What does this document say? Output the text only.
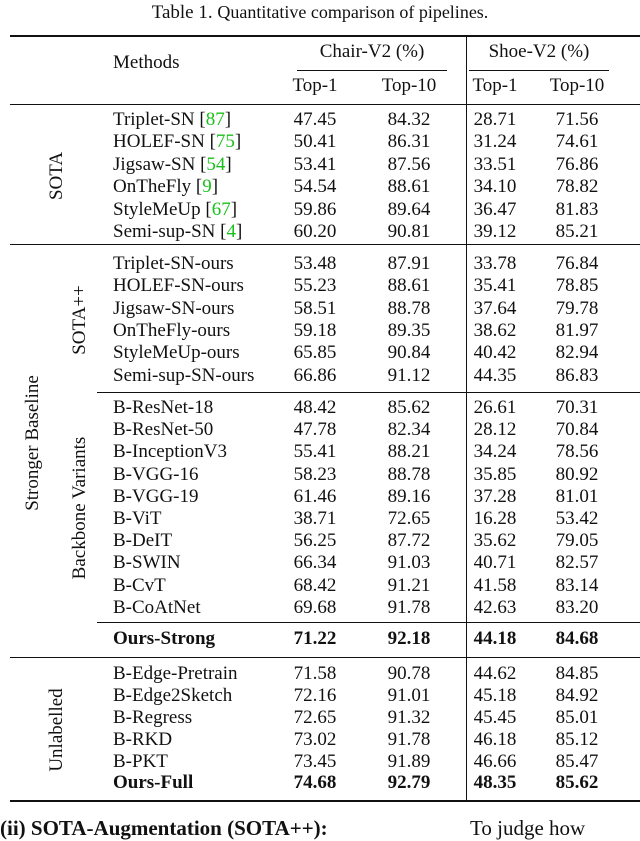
Table 1. Quantitative comparison of pipelines.
Methods
Chair-V2 (%)	Shoe-V2 (%)
Top-1	Top-10	Top-1	Top-10
SOTA
Stronger Baseline
SOTA++
Backbone Variants
Unlabelled
Triplet-SN [87]	47.45	84.32	28.71	71.56
HOLEF-SN [75]	50.41	86.31	31.24	74.61
Jigsaw-SN [54]	53.41	87.56	33.51	76.86
OnTheFly [9]	54.54	88.61	34.10	78.82
StyleMeUp [67]	59.86	89.64	36.47	81.83
Semi-sup-SN [4]	60.20	90.81	39.12	85.21
Triplet-SN-ours	53.48	87.91	33.78	76.84
HOLEF-SN-ours	55.23	88.61	35.41	78.85
Jigsaw-SN-ours	58.51	88.78	37.64	79.78
OnTheFly-ours	59.18	89.35	38.62	81.97
StyleMeUp-ours	65.85	90.84	40.42	82.94
Semi-sup-SN-ours	66.86	91.12	44.35	86.83
B-ResNet-18	48.42	85.62	26.61	70.31
B-ResNet-50	47.78	82.34	28.12	70.84
B-InceptionV3	55.41	88.21	34.24	78.56
B-VGG-16	58.23	88.78	35.85	80.92
B-VGG-19	61.46	89.16	37.28	81.01
B-ViT	38.71	72.65	16.28	53.42
B-DeIT	56.25	87.72	35.62	79.05
B-SWIN	66.34	91.03	40.71	82.57
B-CvT	68.42	91.21	41.58	83.14
B-CoAtNet	69.68	91.78	42.63	83.20
Ours-Strong	71.22	92.18	44.18	84.68
B-Edge-Pretrain	71.58	90.78	44.62	84.85
B-Edge2Sketch	72.16	91.01	45.18	84.92
B-Regress	72.65	91.32	45.45	85.01
B-RKD	73.02	91.78	46.18	85.12
B-PKT	73.45	91.89	46.66	85.47
Ours-Full	74.68	92.79	48.35	85.62
(ii) SOTA-Augmentation (SOTA++):	To judge how
